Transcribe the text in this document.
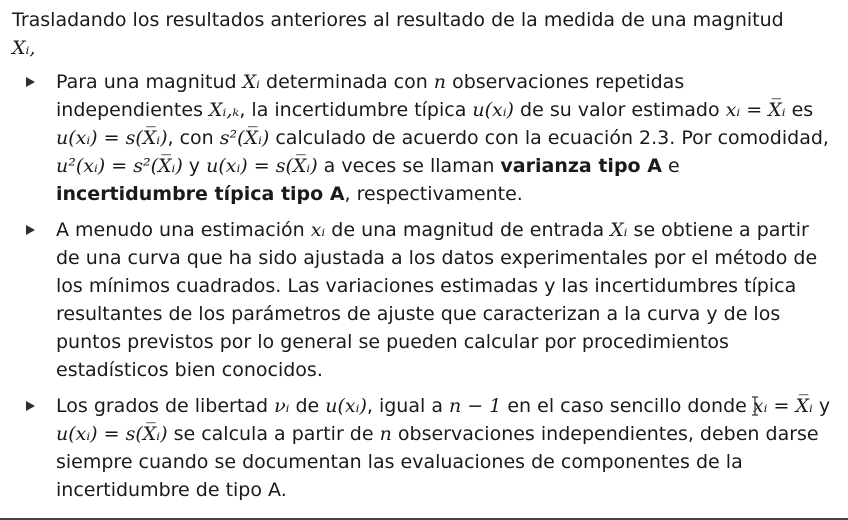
Trasladando los resultados anteriores al resultado de la medida de una magnitud
Xᵢ,

Para una magnitud Xᵢ determinada con n observaciones repetidas independientes Xᵢ,ₖ, la incertidumbre típica u(xᵢ) de su valor estimado xᵢ = X̅ᵢ es u(xᵢ) = s(X̅ᵢ), con s²(X̅ᵢ) calculado de acuerdo con la ecuación 2.3. Por comodidad, u²(xᵢ) = s²(X̅ᵢ) y u(xᵢ) = s(X̅ᵢ) a veces se llaman varianza tipo A e incertidumbre típica tipo A, respectivamente.
A menudo una estimación xᵢ de una magnitud de entrada Xᵢ se obtiene a partir de una curva que ha sido ajustada a los datos experimentales por el método de los mínimos cuadrados. Las variaciones estimadas y las incertidumbres típica resultantes de los parámetros de ajuste que caracterizan a la curva y de los puntos previstos por lo general se pueden calcular por procedimientos estadísticos bien conocidos.
Los grados de libertad νᵢ de u(xᵢ), igual a n − 1 en el caso sencillo donde xᵢ = X̅ᵢ y u(xᵢ) = s(X̅ᵢ) se calcula a partir de n observaciones independientes, deben darse siempre cuando se documentan las evaluaciones de componentes de la incertidumbre de tipo A.
